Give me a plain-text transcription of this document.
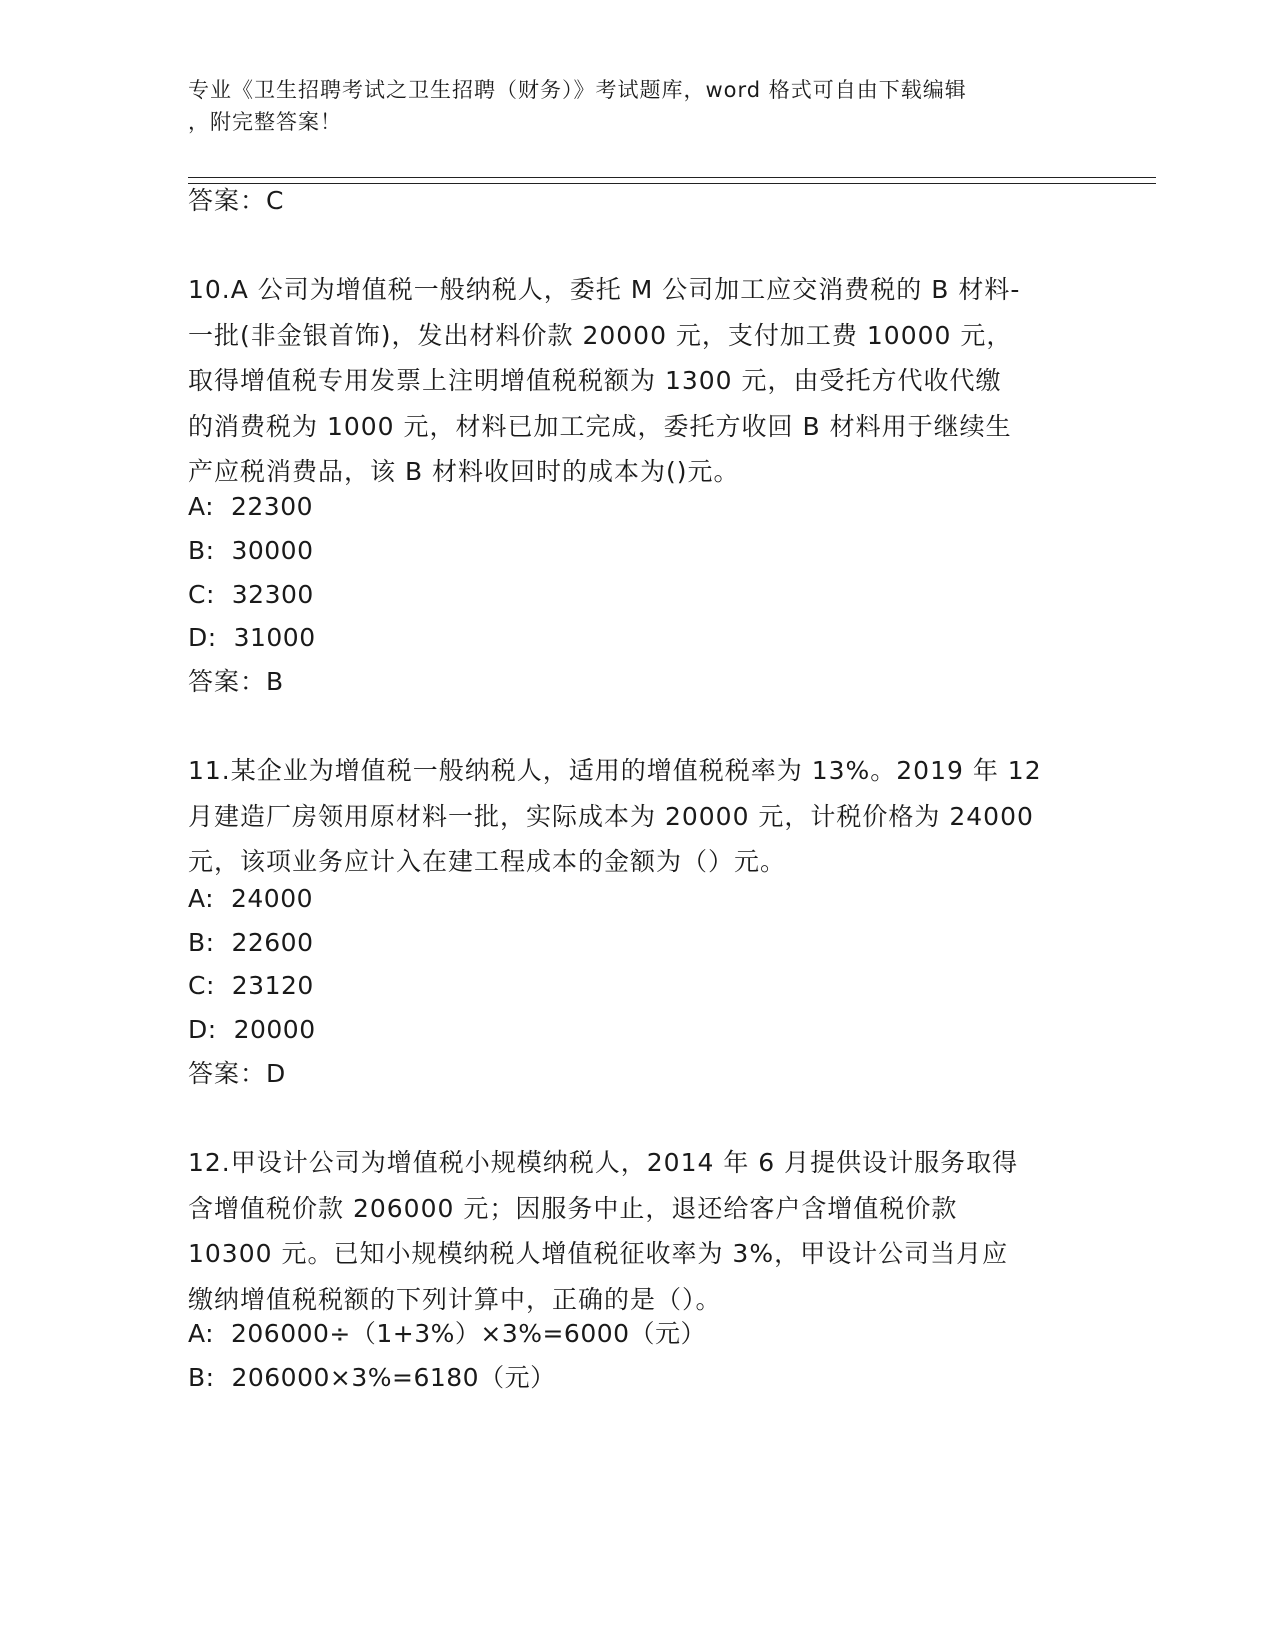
专业《卫生招聘考试之卫生招聘（财务）》考试题库，word 格式可自由下载编辑
，附完整答案！
答案：C
10.A 公司为增值税一般纳税人，委托 M 公司加工应交消费税的 B 材料-
一批(非金银首饰)，发出材料价款 20000 元，支付加工费 10000 元，
取得增值税专用发票上注明增值税税额为 1300 元，由受托方代收代缴
的消费税为 1000 元，材料已加工完成，委托方收回 B 材料用于继续生
产应税消费品，该 B 材料收回时的成本为()元。
A:  22300
B:  30000
C:  32300
D:  31000
答案：B
11.某企业为增值税一般纳税人，适用的增值税税率为 13%。2019 年 12
月建造厂房领用原材料一批，实际成本为 20000 元，计税价格为 24000
元，该项业务应计入在建工程成本的金额为（）元。
A:  24000
B:  22600
C:  23120
D:  20000
答案：D
12.甲设计公司为增值税小规模纳税人，2014 年 6 月提供设计服务取得
含增值税价款 206000 元；因服务中止，退还给客户含增值税价款
10300 元。已知小规模纳税人增值税征收率为 3%，甲设计公司当月应
缴纳增值税税额的下列计算中，正确的是（）。
A:  206000÷（1+3%）×3%=6000（元）
B:  206000×3%=6180（元）
